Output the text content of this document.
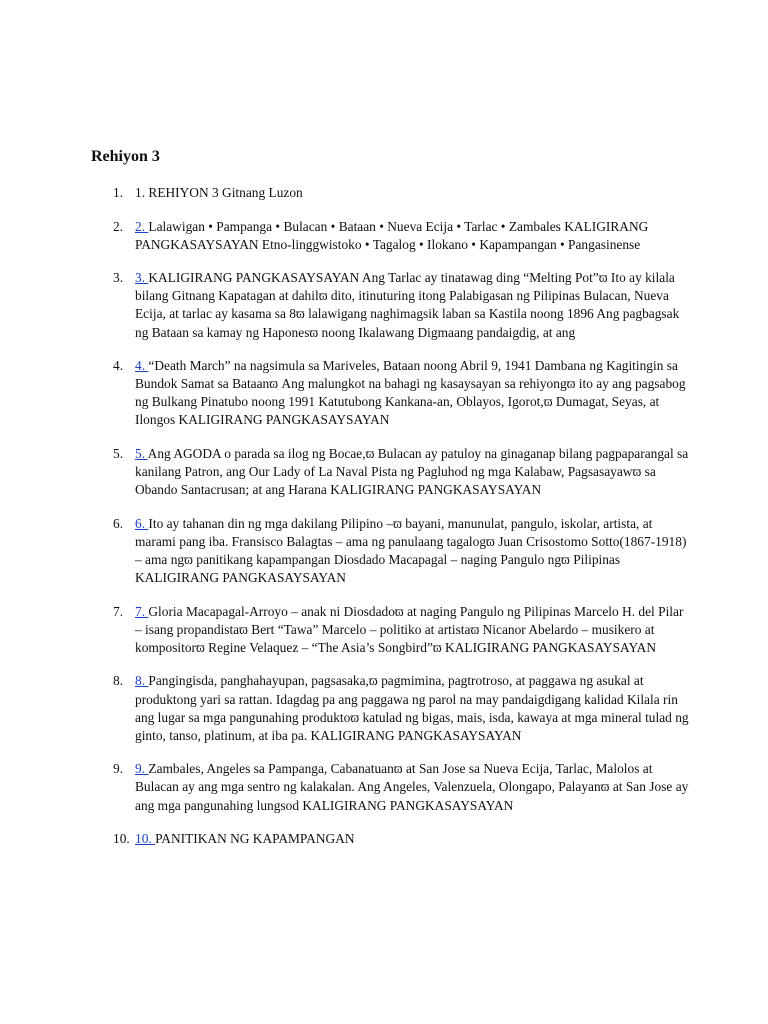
Rehiyon 3
1. 1. REHIYON 3 Gitnang Luzon
2. 2. Lalawigan • Pampanga • Bulacan • Bataan • Nueva Ecija • Tarlac • Zambales KALIGIRANG PANGKASAYSAYAN Etno-linggwistoko • Tagalog • Ilokano • Kapampangan • Pangasinense
3. 3. KALIGIRANG PANGKASAYSAYAN Ang Tarlac ay tinatawag ding “Melting Pot”ϖ Ito ay kilala bilang Gitnang Kapatagan at dahilϖ dito, itinuturing itong Palabigasan ng Pilipinas Bulacan, Nueva Ecija, at tarlac ay kasama sa 8ϖ lalawigang naghimagsik laban sa Kastila noong 1896 Ang pagbagsak ng Bataan sa kamay ng Haponesϖ noong Ikalawang Digmaang pandaigdig, at ang
4. 4. “Death March” na nagsimula sa Mariveles, Bataan noong Abril 9, 1941 Dambana ng Kagitingin sa Bundok Samat sa Bataanϖ Ang malungkot na bahagi ng kasaysayan sa rehiyongϖ ito ay ang pagsabog ng Bulkang Pinatubo noong 1991 Katutubong Kankana-an, Oblayos, Igorot,ϖ Dumagat, Seyas, at Ilongos KALIGIRANG PANGKASAYSAYAN
5. 5. Ang AGODA o parada sa ilog ng Bocae,ϖ Bulacan ay patuloy na ginaganap bilang pagpaparangal sa kanilang Patron, ang Our Lady of La Naval Pista ng Pagluhod ng mga Kalabaw, Pagsasayawϖ sa Obando Santacrusan; at ang Harana KALIGIRANG PANGKASAYSAYAN
6. 6. Ito ay tahanan din ng mga dakilang Pilipino –ϖ bayani, manunulat, pangulo, iskolar, artista, at marami pang iba. Fransisco Balagtas – ama ng panulaang tagalogϖ Juan Crisostomo Sotto(1867-1918) – ama ngϖ panitikang kapampangan Diosdado Macapagal – naging Pangulo ngϖ Pilipinas KALIGIRANG PANGKASAYSAYAN
7. 7. Gloria Macapagal-Arroyo – anak ni Diosdadoϖ at naging Pangulo ng Pilipinas Marcelo H. del Pilar – isang propandistaϖ Bert “Tawa” Marcelo – politiko at artistaϖ Nicanor Abelardo – musikero at kompositorϖ Regine Velaquez – “The Asia’s Songbird”ϖ KALIGIRANG PANGKASAYSAYAN
8. 8. Pangingisda, panghahayupan, pagsasaka,ϖ pagmimina, pagtrotroso, at paggawa ng asukal at produktong yari sa rattan. Idagdag pa ang paggawa ng parol na may pandaigdigang kalidad Kilala rin ang lugar sa mga pangunahing produktoϖ katulad ng bigas, mais, isda, kawaya at mga mineral tulad ng ginto, tanso, platinum, at iba pa. KALIGIRANG PANGKASAYSAYAN
9. 9. Zambales, Angeles sa Pampanga, Cabanatuanϖ at San Jose sa Nueva Ecija, Tarlac, Malolos at Bulacan ay ang mga sentro ng kalakalan. Ang Angeles, Valenzuela, Olongapo, Palayanϖ at San Jose ay ang mga pangunahing lungsod KALIGIRANG PANGKASAYSAYAN
10. 10. PANITIKAN NG KAPAMPANGAN
